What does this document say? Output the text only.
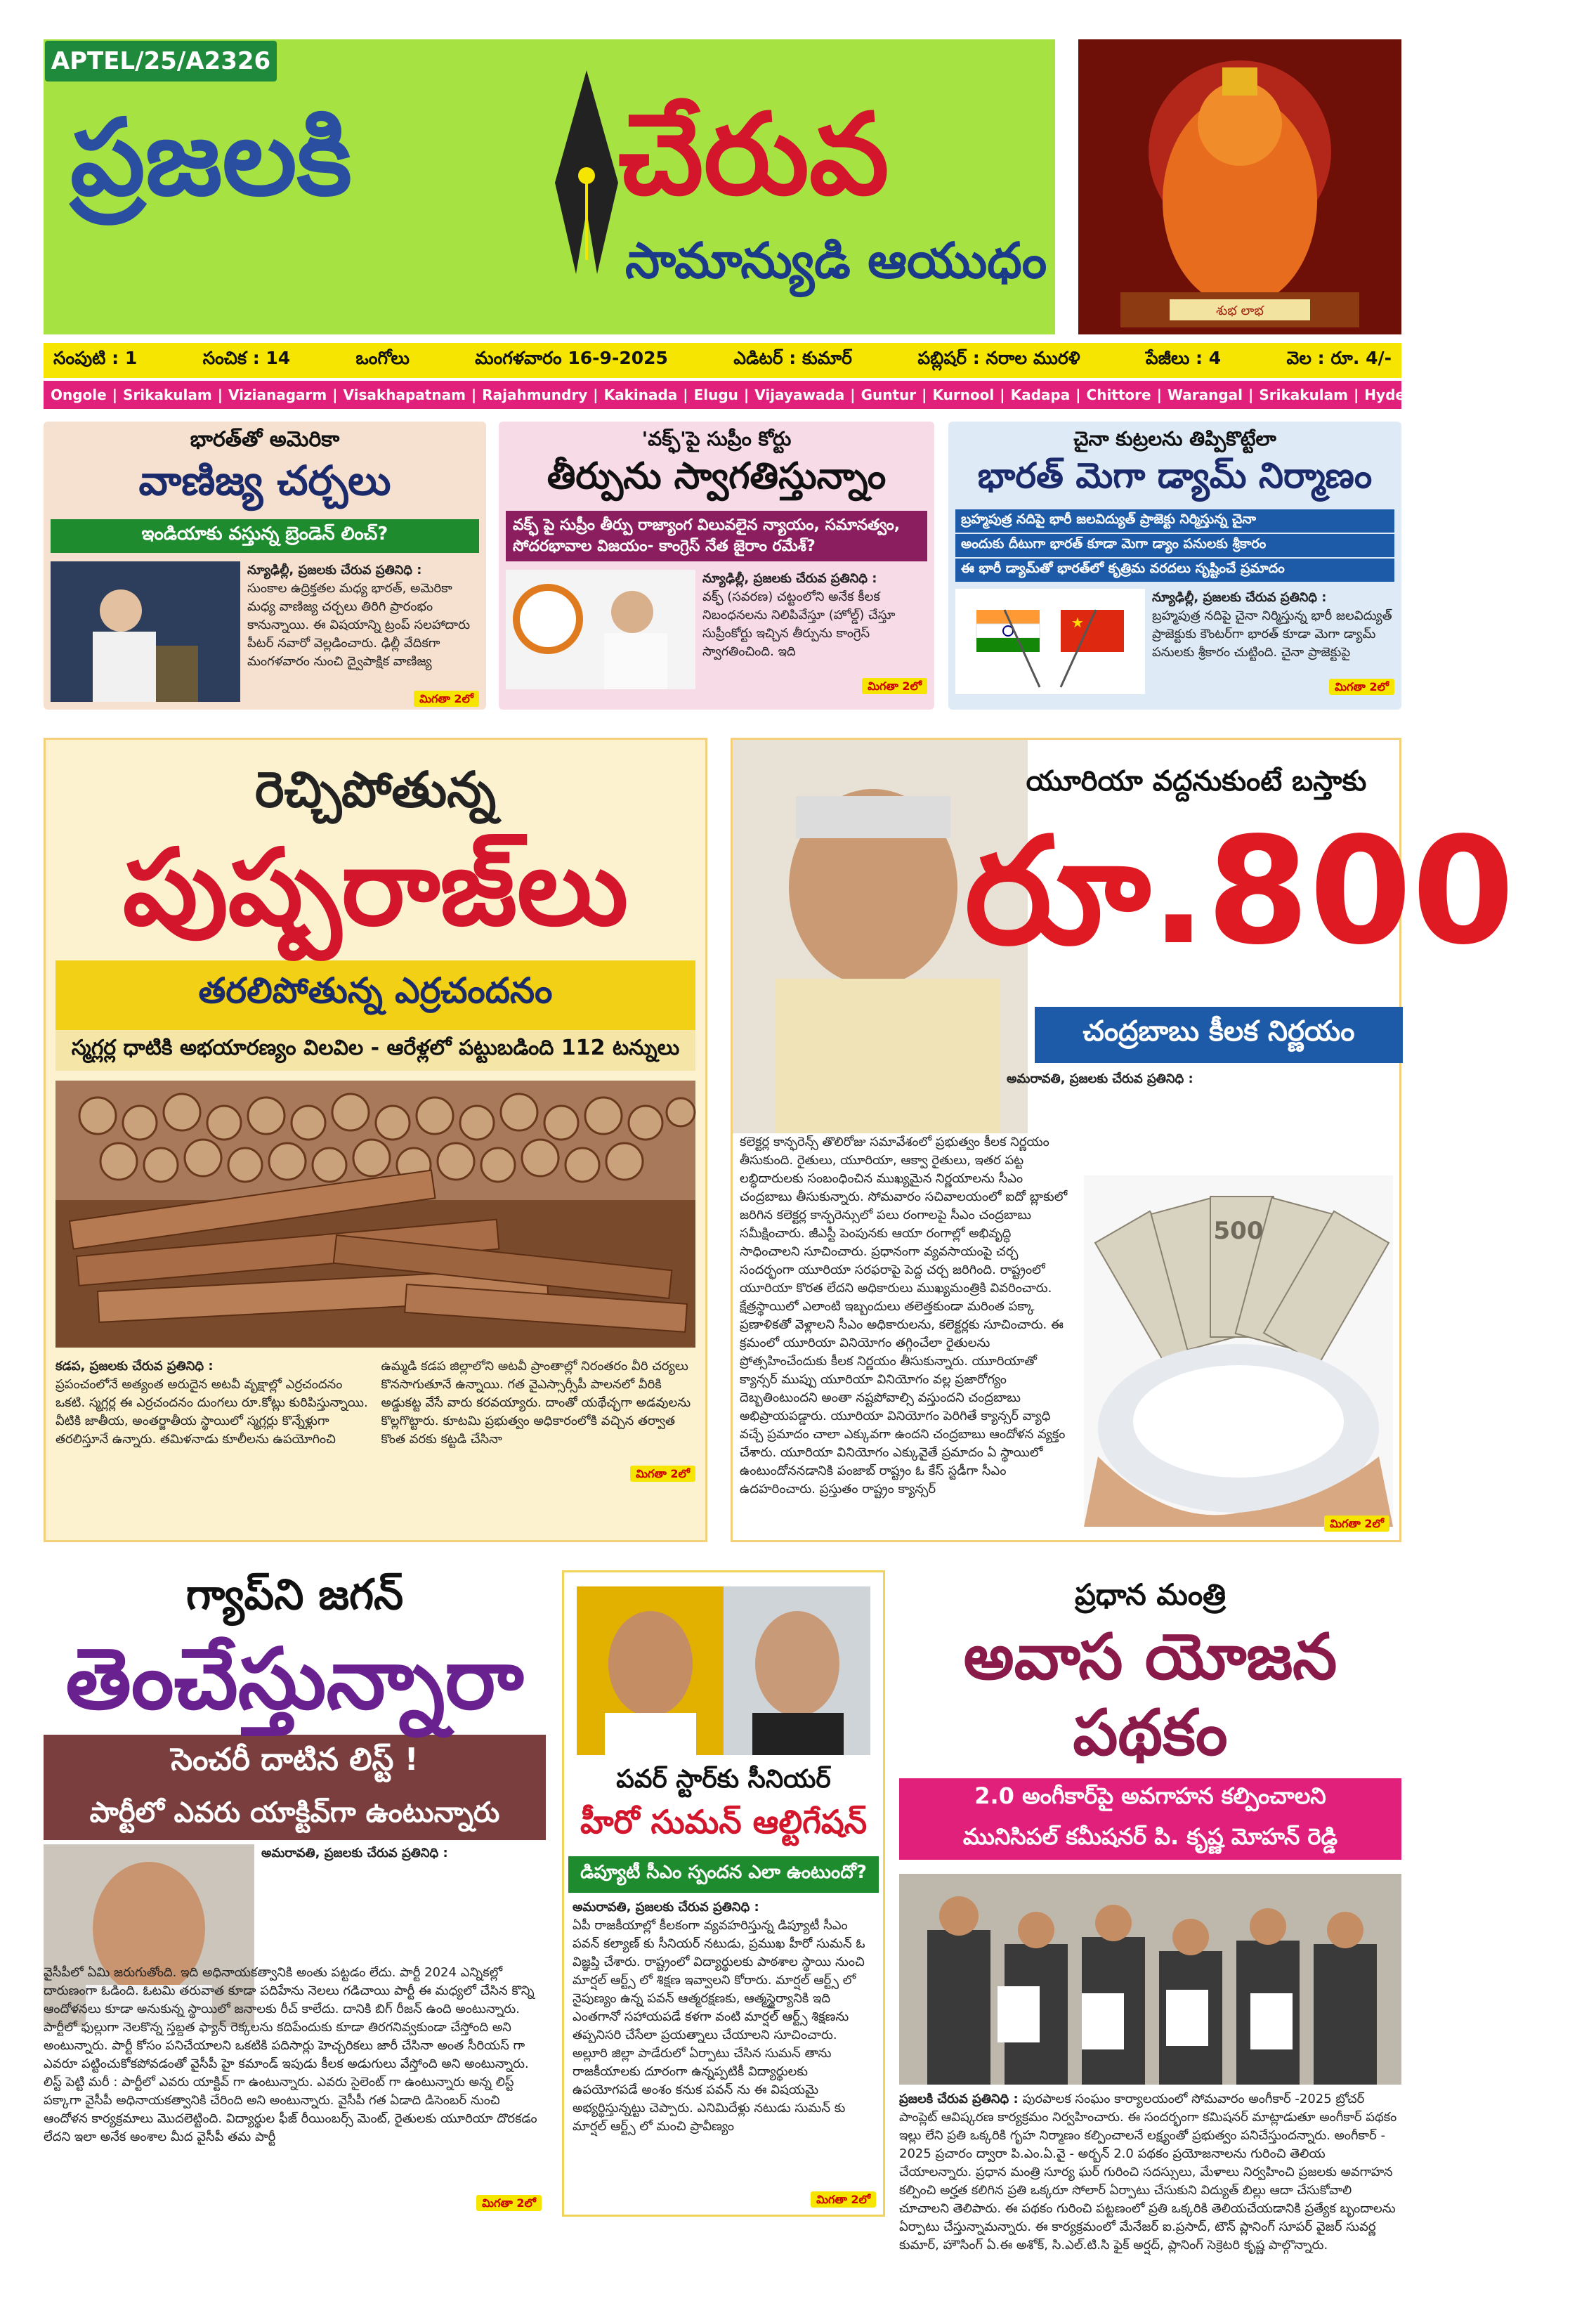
APTEL/25/A2326
ప్రజలకి చేరువ
సామాన్యుడి ఆయుధం
శుభ లాభ
సంపుటి : 1	సంచిక : 14	ఒంగోలు	మంగళవారం 16-9-2025	ఎడిటర్ : కుమార్	పబ్లిషర్ : నరాల మురళి	పేజీలు : 4	వెల : రూ. 4/-
Ongole | Srikakulam | Vizianagarm | Visakhapatnam | Rajahmundry | Kakinada | Elugu | Vijayawada | Guntur | Kurnool | Kadapa | Chittore | Warangal | Srikakulam | Hyderabad | Mehabubanagar
భారత్‌తో అమెరికా
వాణిజ్య చర్చలు
ఇండియాకు వస్తున్న బ్రెండెన్ లించ్?
న్యూఢిల్లీ, ప్రజలకు చేరువ ప్రతినిధి :
సుంకాల ఉద్రిక్తతల మధ్య భారత్, అమెరికా మధ్య వాణిజ్య చర్చలు తిరిగి ప్రారంభం కానున్నాయి. ఈ విషయాన్ని ట్రంప్ సలహాదారు పీటర్ నవారో వెల్లడించారు. ఢిల్లీ వేదికగా మంగళవారం నుంచి ద్వైపాక్షిక వాణిజ్య
మిగతా 2లో
'వక్ఫ్'పై సుప్రీం కోర్టు
తీర్పును స్వాగతిస్తున్నాం
వక్ఫ్ పై సుప్రీం తీర్పు రాజ్యాంగ విలువలైన న్యాయం, సమానత్వం, సోదరభావాల విజయం- కాంగ్రెస్ నేత జైరాం రమేశ్?
న్యూఢిల్లీ, ప్రజలకు చేరువ ప్రతినిధి :
వక్ఫ్ (సవరణ) చట్టంలోని అనేక కీలక నిబంధనలను నిలిపివేస్తూ (హోల్డ్) చేస్తూ సుప్రీంకోర్టు ఇచ్చిన తీర్పును కాంగ్రెస్ స్వాగతించింది. ఇది
మిగతా 2లో
చైనా కుట్రలను తిప్పికొట్టేలా
భారత్ మెగా డ్యామ్ నిర్మాణం
బ్రహ్మపుత్ర నదిపై భారీ జలవిద్యుత్ ప్రాజెక్టు నిర్మిస్తున్న చైనా
అందుకు దీటుగా భారత్ కూడా మెగా డ్యాం పనులకు శ్రీకారం
ఈ భారీ డ్యామ్‌తో భారత్‌లో కృత్రిమ వరదలు సృష్టించే ప్రమాదం
★
న్యూఢిల్లీ, ప్రజలకు చేరువ ప్రతినిధి :
బ్రహ్మపుత్ర నదిపై చైనా నిర్మిస్తున్న భారీ జలవిద్యుత్ ప్రాజెక్టుకు కౌంటర్‌గా భారత్ కూడా మెగా డ్యామ్ పనులకు శ్రీకారం చుట్టింది. చైనా ప్రాజెక్టుపై
మిగతా 2లో
రెచ్చిపోతున్న
పుష్పరాజ్‌లు
తరలిపోతున్న ఎర్రచందనం
స్మగ్లర్ల ధాటికి అభయారణ్యం విలవిల - ఆరేళ్లలో పట్టుబడింది 112 టన్నులు
కడప, ప్రజలకు చేరువ ప్రతినిధి :
ప్రపంచంలోనే అత్యంత అరుదైన అటవీ వృక్షాల్లో ఎర్రచందనం ఒకటి. స్మగ్లర్ల ఈ ఎర్రచందనం దుంగలు రూ.కోట్లు కురిపిస్తున్నాయి. వీటికి జాతీయ, అంతర్జాతీయ స్థాయిలో స్మగ్లర్లు కొన్నేళ్లుగా తరలిస్తూనే ఉన్నారు. తమిళనాడు కూలీలను ఉపయోగించి
ఉమ్మడి కడప జిల్లాలోని అటవీ ప్రాంతాల్లో నిరంతరం వీరి చర్యలు కొనసాగుతూనే ఉన్నాయి. గత వైఎస్సార్సీపీ పాలనలో వీరికి అడ్డుకట్ట వేసే వారు కరవయ్యారు. దాంతో యథేచ్ఛగా అడవులను కొల్లగొట్టారు. కూటమి ప్రభుత్వం అధికారంలోకి వచ్చిన తర్వాత కొంత వరకు కట్టడి చేసినా
మిగతా 2లో
యూరియా వద్దనుకుంటే బస్తాకు
రూ.800
చంద్రబాబు కీలక నిర్ణయం
అమరావతి, ప్రజలకు చేరువ ప్రతినిధి :
కలెక్టర్ల కాన్ఫరెన్స్ తొలిరోజు సమావేశంలో ప్రభుత్వం కీలక నిర్ణయం తీసుకుంది. రైతులు, యూరియా, ఆక్వా రైతులు, ఇతర పట్ట లబ్ధిదారులకు సంబంధించిన ముఖ్యమైన నిర్ణయాలను సీఎం చంద్రబాబు తీసుకున్నారు. సోమవారం సచివాలయంలో ఐదో బ్లాకులో జరిగిన కలెక్టర్ల కాన్ఫరెన్సులో పలు రంగాలపై సీఎం చంద్రబాబు సమీక్షించారు. జీఎస్టీ పెంపునకు ఆయా రంగాల్లో అభివృద్ధి సాధించాలని సూచించారు. ప్రధానంగా వ్యవసాయంపై చర్చ సందర్భంగా యూరియా సరఫరాపై పెద్ద చర్చ జరిగింది. రాష్ట్రంలో యూరియా కొరత లేదని అధికారులు ముఖ్యమంత్రికి వివరించారు. క్షేత్రస్థాయిలో ఎలాంటి ఇబ్బందులు తలెత్తకుండా మరింత పక్కా ప్రణాళికతో వెళ్లాలని సీఎం అధికారులను, కలెక్టర్లకు సూచించారు. ఈ క్రమంలో యూరియా వినియోగం తగ్గించేలా రైతులను ప్రోత్సహించేందుకు కీలక నిర్ణయం తీసుకున్నారు. యూరియాతో క్యాన్సర్ ముప్పు యూరియా వినియోగం వల్ల ప్రజారోగ్యం దెబ్బతింటుందని అంతా నష్టపోవాల్సి వస్తుందని చంద్రబాబు అభిప్రాయపడ్డారు. యూరియా వినియోగం పెరిగితే క్యాన్సర్ వ్యాధి వచ్చే ప్రమాదం చాలా ఎక్కువగా ఉందని చంద్రబాబు ఆందోళన వ్యక్తం చేశారు. యూరియా వినియోగం ఎక్కువైతే ప్రమాదం ఏ స్థాయిలో ఉంటుందోననడానికి పంజాబ్ రాష్ట్రం ఓ కేస్ స్టడీగా సీఎం ఉదహరించారు. ప్రస్తుతం రాష్ట్రం క్యాన్సర్
500
మిగతా 2లో
గ్యాప్‌ని జగన్
తెంచేస్తున్నారా
సెంచరీ దాటిన లిస్ట్ !
పార్టీలో ఎవరు యాక్టివ్‌గా ఉంటున్నారు
అమరావతి, ప్రజలకు చేరువ ప్రతినిధి :
వైసీపీలో ఏమి జరుగుతోంది. ఇది అధినాయకత్వానికి అంతు పట్టడం లేదు. పార్టీ 2024 ఎన్నికల్లో దారుణంగా ఓడింది. ఓటమి తరువాత కూడా పదిహేను నెలలు గడిచాయి పార్టీ ఈ మధ్యలో చేసిన కొన్ని ఆందోళనలు కూడా అనుకున్న స్థాయిలో జనాలకు రీచ్ కాలేదు. దానికి బిగ్ రీజన్ ఉంది అంటున్నారు. పార్టీలో ఫుల్లుగా నెలకొన్న స్తబ్దత ఫ్యాన్ రెక్కలను కదిపేందుకు కూడా తిరగనివ్వకుండా చేస్తోంది అని అంటున్నారు. పార్టీ కోసం పనిచేయాలని ఒకటికి పదిసార్లు హెచ్చరికలు జారీ చేసినా అంత సీరియస్ గా ఎవరూ పట్టించుకోకపోవడంతో వైసీపీ హై కమాండ్ ఇపుడు కీలక అడుగులు వేస్తోంది అని అంటున్నారు. లిస్ట్ పెట్టి మరీ : పార్టీలో ఎవరు యాక్టివ్ గా ఉంటున్నారు. ఎవరు సైలెంట్ గా ఉంటున్నారు అన్న లిస్ట్ పక్కాగా వైసీపీ అధినాయకత్వానికి చేరింది అని అంటున్నారు. వైసీపీ గత ఏడాది డిసెంబర్ నుంచి ఆందోళన కార్యక్రమాలు మొదలెట్టింది. విద్యార్థుల ఫీజ్ రీయింబర్స్ మెంట్, రైతులకు యూరియా దొరకడం లేదని ఇలా అనేక అంశాల మీద వైసీపీ తమ పార్టీ
మిగతా 2లో
పవర్ స్టార్‌కు సీనియర్
హీరో సుమన్ ఆల్టిగేషన్
డిప్యూటీ సీఎం స్పందన ఎలా ఉంటుందో?
అమరావతి, ప్రజలకు చేరువ ప్రతినిధి :
ఏపీ రాజకీయాల్లో కీలకంగా వ్యవహరిస్తున్న డిప్యూటీ సీఎం పవన్ కల్యాణ్ కు సీనియర్ నటుడు, ప్రముఖ హీరో సుమన్ ఓ విజ్ఞప్తి చేశారు. రాష్ట్రంలో విద్యార్థులకు పాఠశాల స్థాయి నుంచి మార్షల్ ఆర్ట్స్ లో శిక్షణ ఇవ్వాలని కోరారు. మార్షల్ ఆర్ట్స్ లో నైపుణ్యం ఉన్న పవన్ ఆత్మరక్షణకు, ఆత్మస్థైర్యానికి ఇది ఎంతగానో సహాయపడే కళగా వంటి మార్షల్ ఆర్ట్స్ శిక్షణను తప్పనిసరి చేసేలా ప్రయత్నాలు చేయాలని సూచించారు. అల్లూరి జిల్లా పాడేరులో ఏర్పాటు చేసిన సుమన్ తాను రాజకీయాలకు దూరంగా ఉన్నప్పటికీ విద్యార్థులకు ఉపయోగపడే అంశం కనుక పవన్ ను ఈ విషయమై అభ్యర్థిస్తున్నట్టు చెప్పారు. ఎనిమిదేళ్లు నటుడు సుమన్ కు మార్షల్ ఆర్ట్స్ లో మంచి ప్రావీణ్యం
మిగతా 2లో
ప్రధాన మంత్రి
అవాస యోజన పథకం
2.0 అంగీకార్‌పై అవగాహన కల్పించాలని
మునిసిపల్ కమీషనర్ పి. కృష్ణ మోహన్ రెడ్డి
ప్రజలకి చేరువ ప్రతినిధి : పురపాలక సంఘం కార్యాలయంలో సోమవారం అంగీకార్ -2025 బ్రోచర్ పాంప్లెట్ ఆవిష్కరణ కార్యక్రమం నిర్వహించారు. ఈ సందర్భంగా కమిషనర్ మాట్లాడుతూ అంగీకార్ పథకం ఇల్లు లేని ప్రతి ఒక్కరికి గృహ నిర్మాణం కల్పించాలనే లక్ష్యంతో ప్రభుత్వం పనిచేస్తుందన్నారు. అంగీకార్ - 2025 ప్రచారం ద్వారా పి.ఎం.ఏ.వై - అర్బన్ 2.0 పథకం ప్రయోజనాలను గురించి తెలియ చేయాలన్నారు. ప్రధాన మంత్రి సూర్య ఘర్ గురించి సదస్సులు, మేళాలు నిర్వహించి ప్రజలకు అవగాహన కల్పించి అర్హత కలిగిన ప్రతి ఒక్కరూ సోలార్ ఏర్పాటు చేసుకుని విద్యుత్ బిల్లు ఆదా చేసుకోవాలి చూచాలని తెలిపారు. ఈ పథకం గురించి పట్టణంలో ప్రతి ఒక్కరికి తెలియచేయడానికి ప్రత్యేక బృందాలను ఏర్పాటు చేస్తున్నామన్నారు. ఈ కార్యక్రమంలో మేనేజర్ ఐ.ప్రసాద్, టౌన్ ప్లానింగ్ సూపర్ వైజర్ సువర్ణ కుమార్, హౌసింగ్ ఏ.ఈ అశోక్, సి.ఎల్.టి.సి ఫైక్ అర్షద్, ప్లానింగ్ సెక్రెటరి కృష్ణ పాల్గొన్నారు.
